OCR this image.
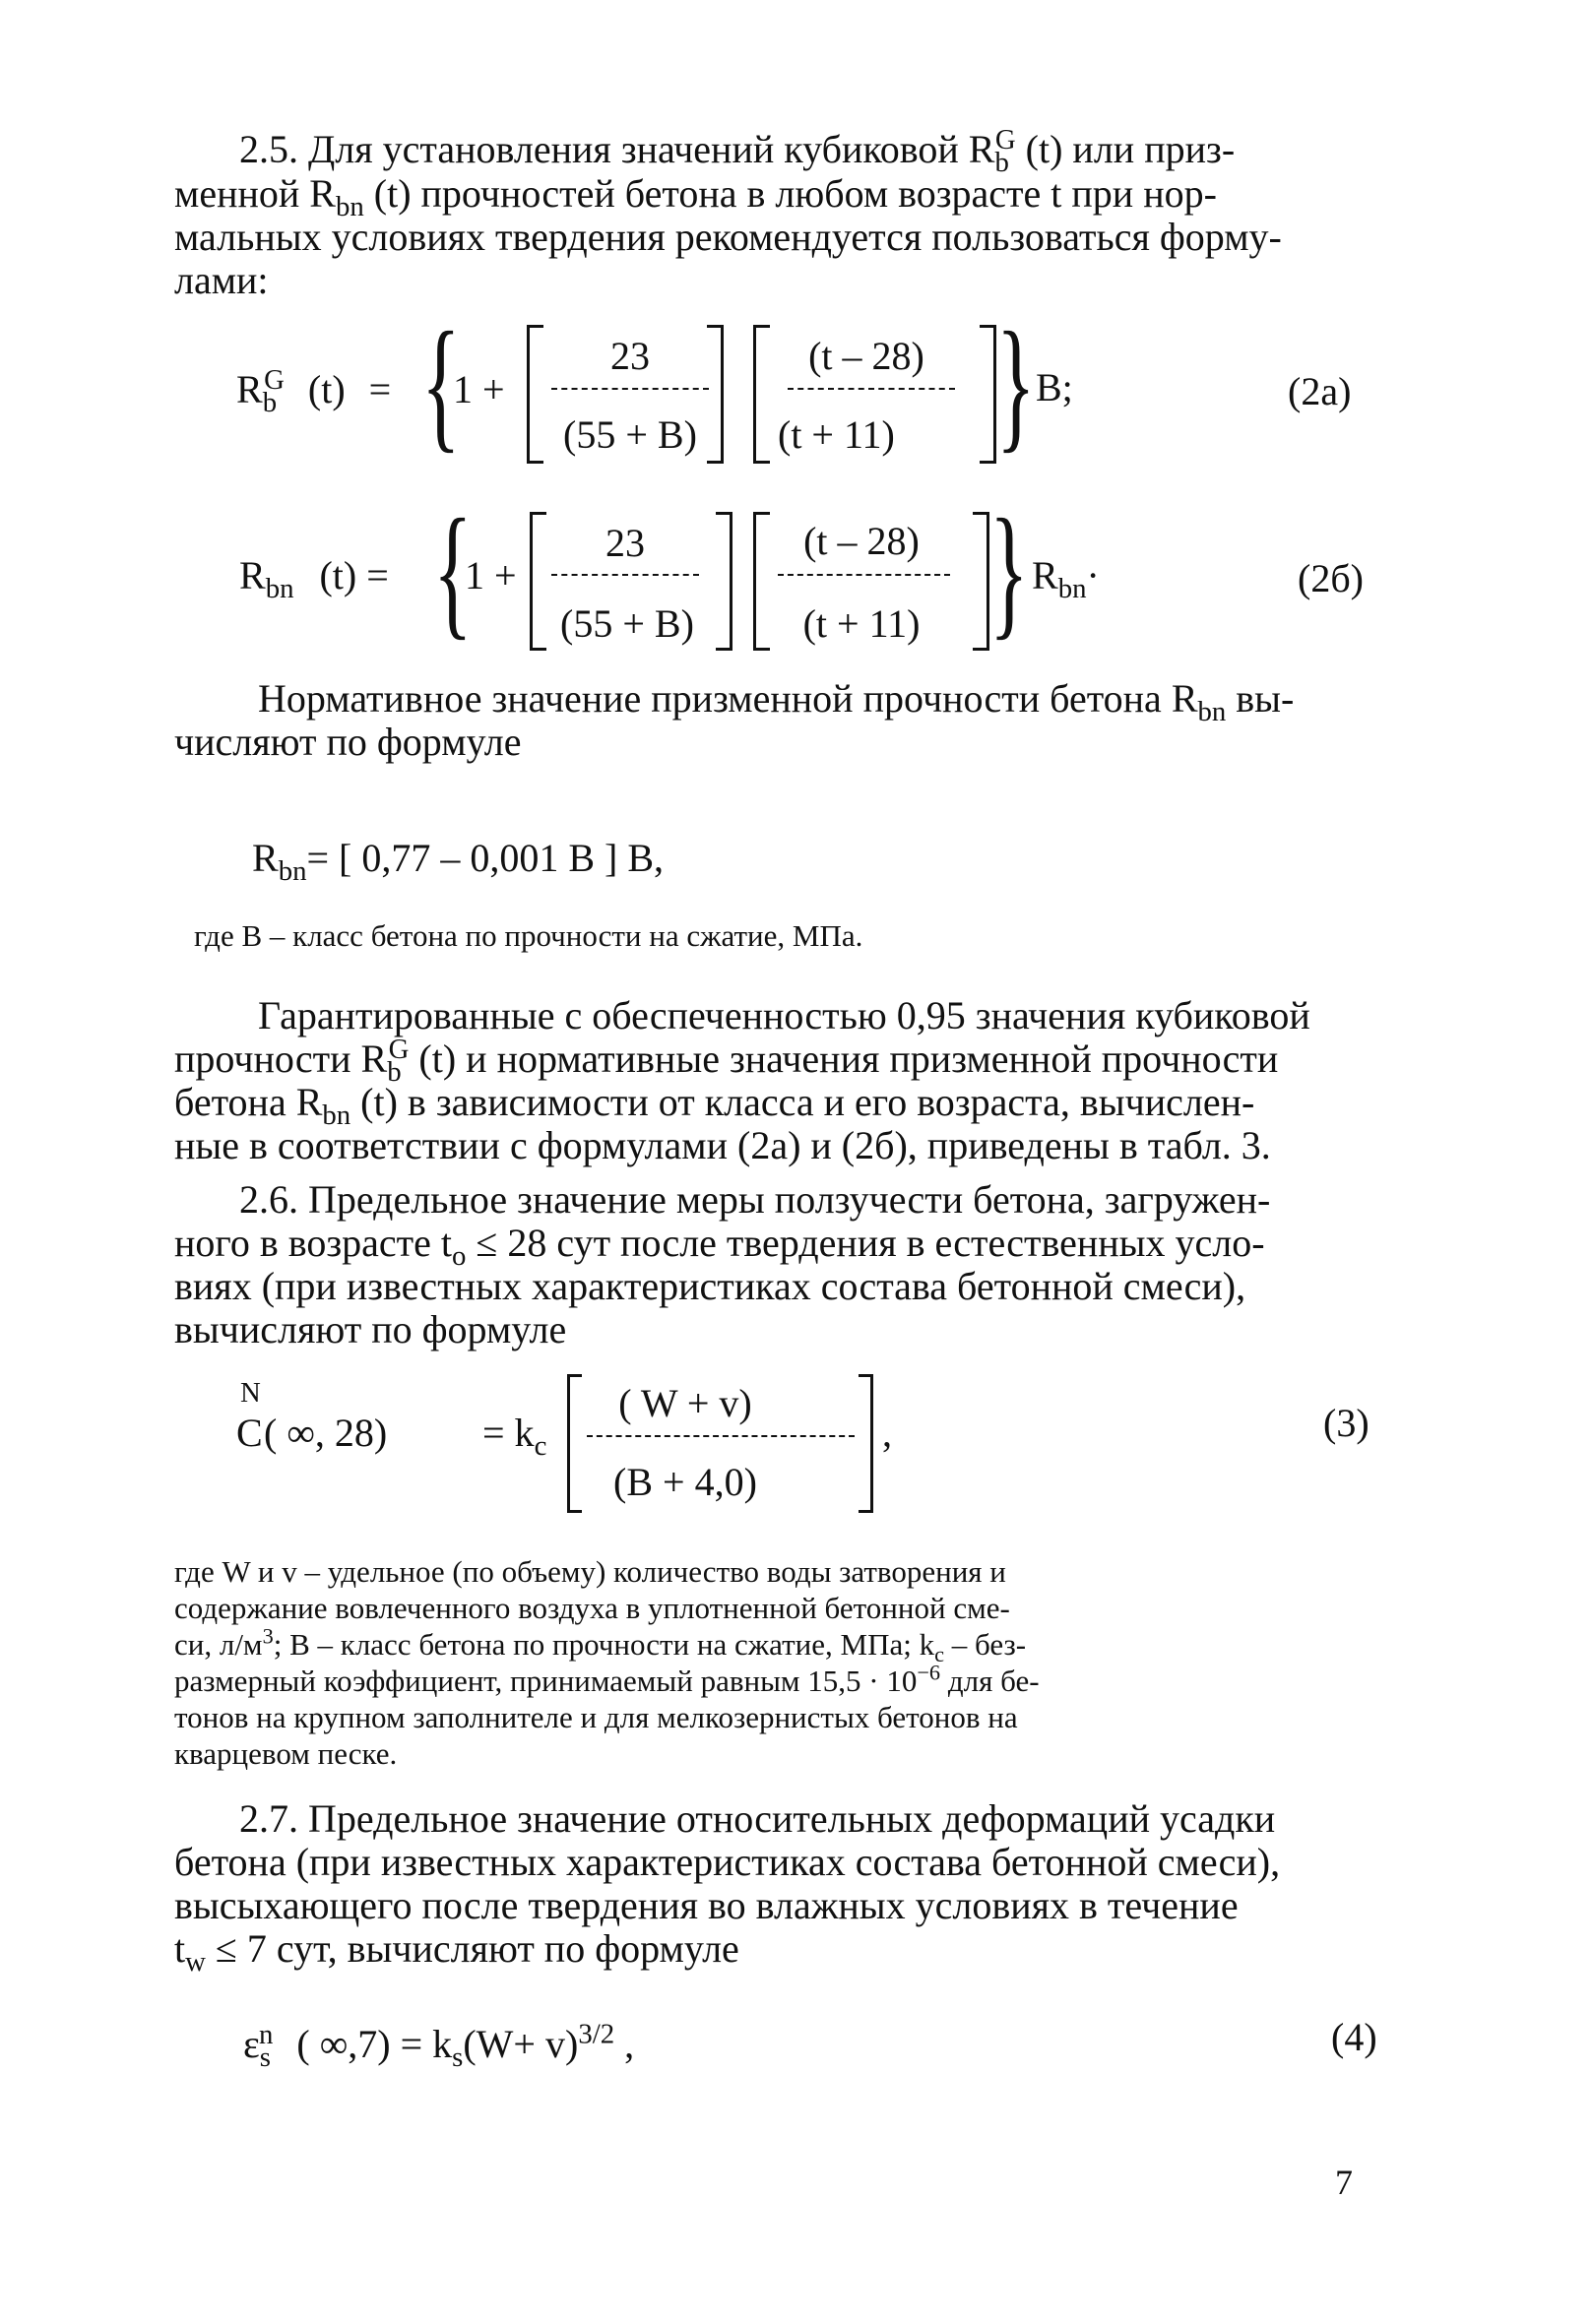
2.5. Для установления значений кубиковой $R_b^G$ (t) или приз-
менной $R_{bn}$ (t) прочностей бетона в любом возрасте t при нор-
мальных условиях твердения рекомендуется пользоваться форму-
лами:
$R_b^G$ (t) = {
1 +
23
(55 + B)
(t – 28)
(t + 11) } B;	(2a)
$R_{bn}$ (t) = {
1 +
23
(55 + B)
(t – 28)
(t + 11) } $R_{bn}\cdot$	(2б)
Нормативное значение призменной прочности бетона $R_{bn}$ вы-
числяют по формуле
$R_{bn}=$ [ 0,77 – 0,001 B ] B,
где B – класс бетона по прочности на сжатие, МПа.
Гарантированные с обеспеченностью 0,95 значения кубиковой
прочности $R_b^G$ (t) и нормативные значения призменной прочности
бетона $R_{bn}$ (t) в зависимости от класса и его возраста, вычислен-
ные в соответствии с формулами (2a) и (2б), приведены в табл. 3.
2.6. Предельное значение меры ползучести бетона, загружен-
ного в возрасте $t_o \le 28$ сут после твердения в естественных усло-
виях (при известных характеристиках состава бетонной смеси),
вычисляют по формуле
C
N
( ∞, $28) = k_c$
( W + v)
(B + 4,0)
,	(3)
где W и v – удельное (по объему) количество воды затворения и
содержание вовлеченного воздуха в уплотненной бетонной сме-
си, $л/м^3$; B – класс бетона по прочности на сжатие, МПа; $k_c - без-$
размерный коэффициент, принимаемый равным $15,5 \cdot 10^{-6}$ для бе-
тонов на крупном заполнителе и для мелкозернистых бетонов на
кварцевом песке.
2.7. Предельное значение относительных деформаций усадки
бетона (при известных характеристиках состава бетонной смеси),
высыхающего после твердения во влажных условиях в течение
$t_w \le 7$ сут, вычисляют по формуле
$\varepsilon_s^n$ ( $\infty,7) = k_s(W+ v)^{3/2}$ ,	(4)
7
